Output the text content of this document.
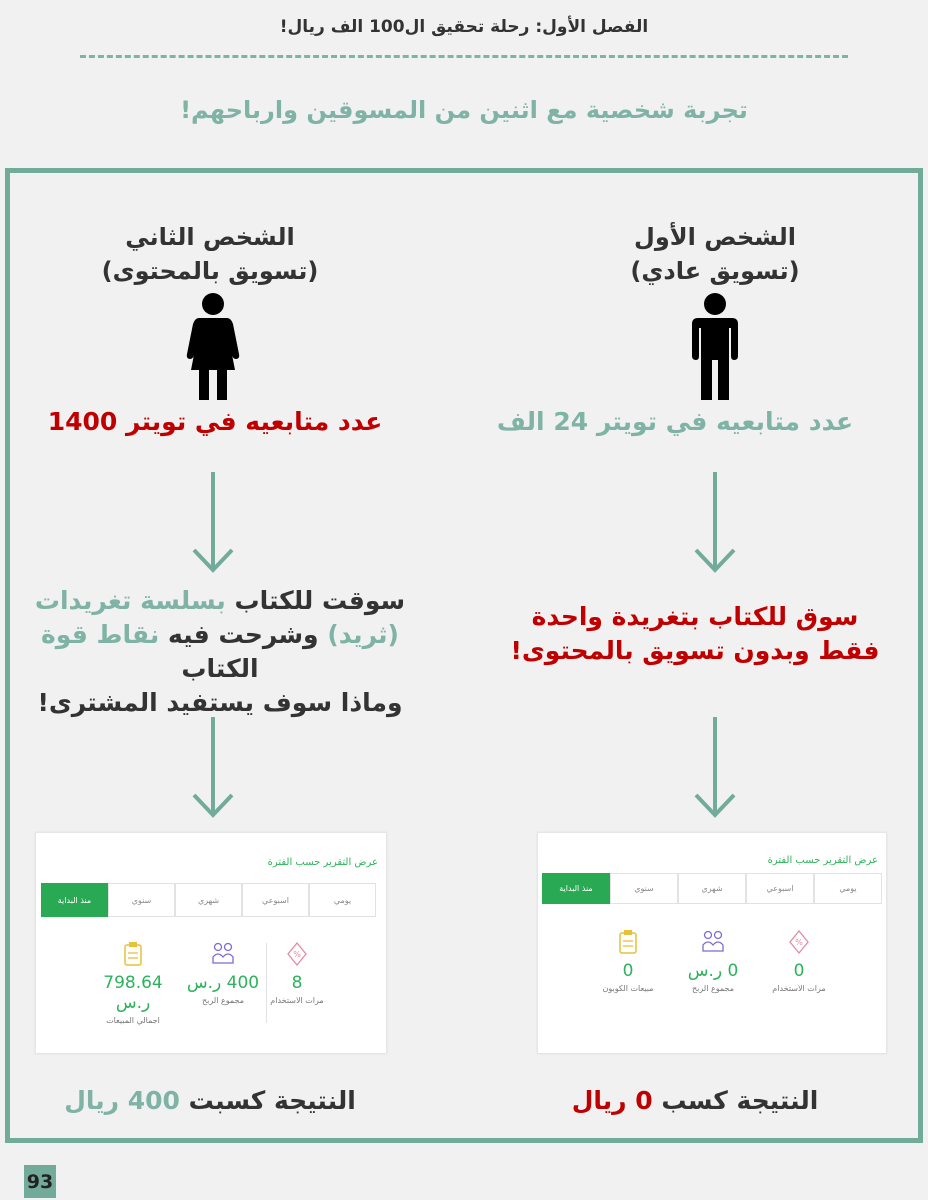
الفصل الأول: رحلة تحقيق ال100 الف ريال!
تجربة شخصية مع اثنين من المسوقين وارباحهم!
الشخص الأول
(تسويق عادي)
عدد متابعيه في تويتر 24 الف
سوق للكتاب بتغريدة واحدة
فقط وبدون تسويق بالمحتوى!
عرض التقرير حسب الفترة
يومي
اسبوعي
شهري
سنوي
منذ البداية
%
0
مرات الاستخدام
0 ر.س
مجموع الربح
0
مبيعات الكوبون
النتيجة كسب 0 ريال
الشخص الثاني
(تسويق بالمحتوى)
عدد متابعيه في تويتر 1400
سوقت للكتاب بسلسة تغريدات
(ثريد) وشرحت فيه نقاط قوة الكتاب
وماذا سوف يستفيد المشترى!
عرض التقرير حسب الفترة
يومي
اسبوعي
شهري
سنوي
منذ البداية
%
8
مرات الاستخدام
400 ر.س
مجموع الربح
798.64 ر.س
اجمالي المبيعات
النتيجة كسبت 400 ريال
93
